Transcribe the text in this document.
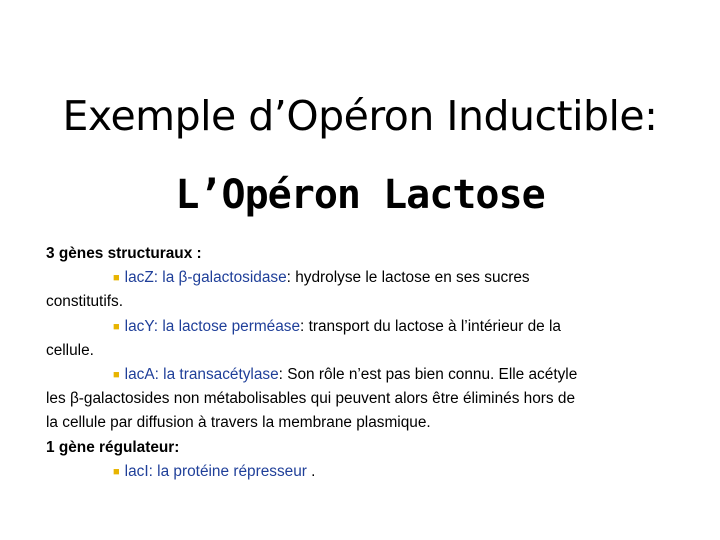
Exemple d’Opéron Inductible:
L’Opéron Lactose
3 gènes structuraux :
■ lacZ: la β-galactosidase: hydrolyse le lactose en ses sucres
constitutifs.
■ lacY: la lactose perméase: transport du lactose à l’intérieur de la
cellule.
■ lacA: la transacétylase: Son rôle n’est pas bien connu. Elle acétyle
les β-galactosides non métabolisables qui peuvent alors être éliminés hors de
la cellule par diffusion à travers la membrane plasmique.
1 gène régulateur:
■ lacI: la protéine répresseur .
